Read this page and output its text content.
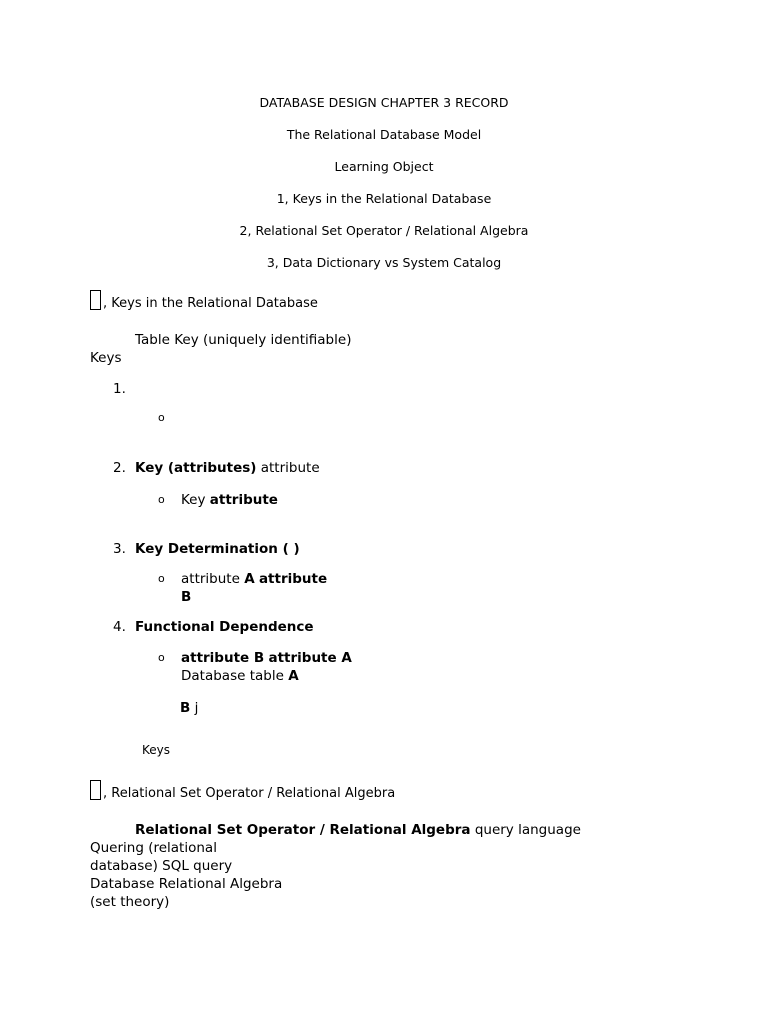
DATABASE DESIGN CHAPTER 3 RECORD
The Relational Database Model
Learning Object
1, Keys in the Relational Database
2, Relational Set Operator / Relational Algebra
3, Data Dictionary vs System Catalog
, Keys in the Relational Database
Table Key (uniquely identifiable)
Keys
1.
o
2. Key (attributes) attribute
o Key attribute
3. Key Determination ( )
o attribute A attribute
B
4. Functional Dependence
o attribute B attribute A
Database table A
B j
Keys
, Relational Set Operator / Relational Algebra
Relational Set Operator / Relational Algebra query language
Quering (relational
database) SQL query
Database Relational Algebra
(set theory)
